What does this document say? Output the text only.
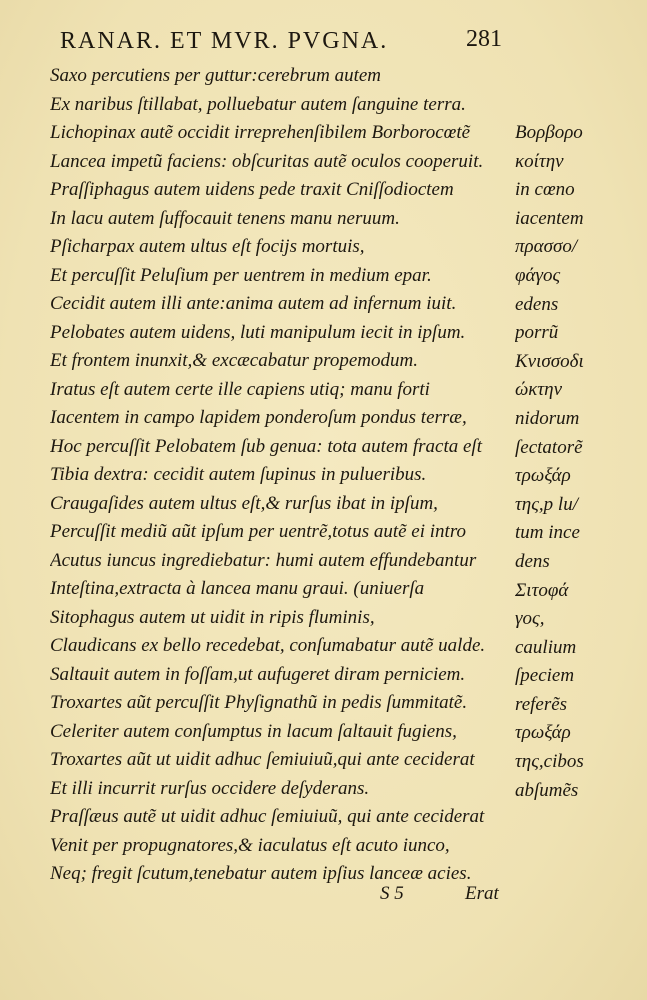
RANAR. ET MVR. PVGNA.	281
Saxo percutiens per guttur:cerebrum autem
Ex naribus ſtillabat, polluebatur autem ſanguine terra.
Lichopinax autẽ occidit irreprehenſibilem Borborocœtẽ
Lancea impetũ faciens: obſcuritas autẽ oculos cooperuit.
Praſſiphagus autem uidens pede traxit Cniſſodioctem
In lacu autem ſuffocauit tenens manu neruum.
Pſicharpax autem ultus eſt focijs mortuis,
Et percuſſit Peluſium per uentrem in medium epar.
Cecidit autem illi ante:anima autem ad infernum iuit.
Pelobates autem uidens, luti manipulum iecit in ipſum.
Et frontem inunxit,& excæcabatur propemodum.
Iratus eſt autem certe ille capiens utiq; manu forti
Iacentem in campo lapidem ponderoſum pondus terræ,
Hoc percuſſit Pelobatem ſub genua: tota autem fracta eſt
Tibia dextra: cecidit autem ſupinus in pulueribus.
Craugaſides autem ultus eſt,& rurſus ibat in ipſum,
Percuſſit mediũ aũt ipſum per uentrẽ,totus autẽ ei intro
Acutus iuncus ingrediebatur: humi autem effundebantur
Inteſtina,extracta à lancea manu graui. (uniuerſa
Sitophagus autem ut uidit in ripis fluminis,
Claudicans ex bello recedebat, conſumabatur autẽ ualde.
Saltauit autem in foſſam,ut aufugeret diram perniciem.
Troxartes aũt percuſſit Phyſignathũ in pedis ſummitatẽ.
Celeriter autem conſumptus in lacum ſaltauit fugiens,
Troxartes aũt ut uidit adhuc ſemiuiuũ,qui ante ceciderat
Et illi incurrit rurſus occidere deſyderans.
Praſſæus autẽ ut uidit adhuc ſemiuiuũ, qui ante ceciderat
Venit per propugnatores,& iaculatus eſt acuto iunco,
Neq; fregit ſcutum,tenebatur autem ipſius lanceæ acies.
Βορβορο
κοίτην
in cœno
iacentem
πρασσο/
φάγος
edens
porrũ
Κνισσοδι
ώκτην
nidorum
ſectatorẽ
τρωξάρ
της,p lu/
tum ince
dens
Σιτοφά
γος,
caulium
ſpeciem
referẽs
τρωξάρ
της,cibos
abſumẽs
S 5	Erat
